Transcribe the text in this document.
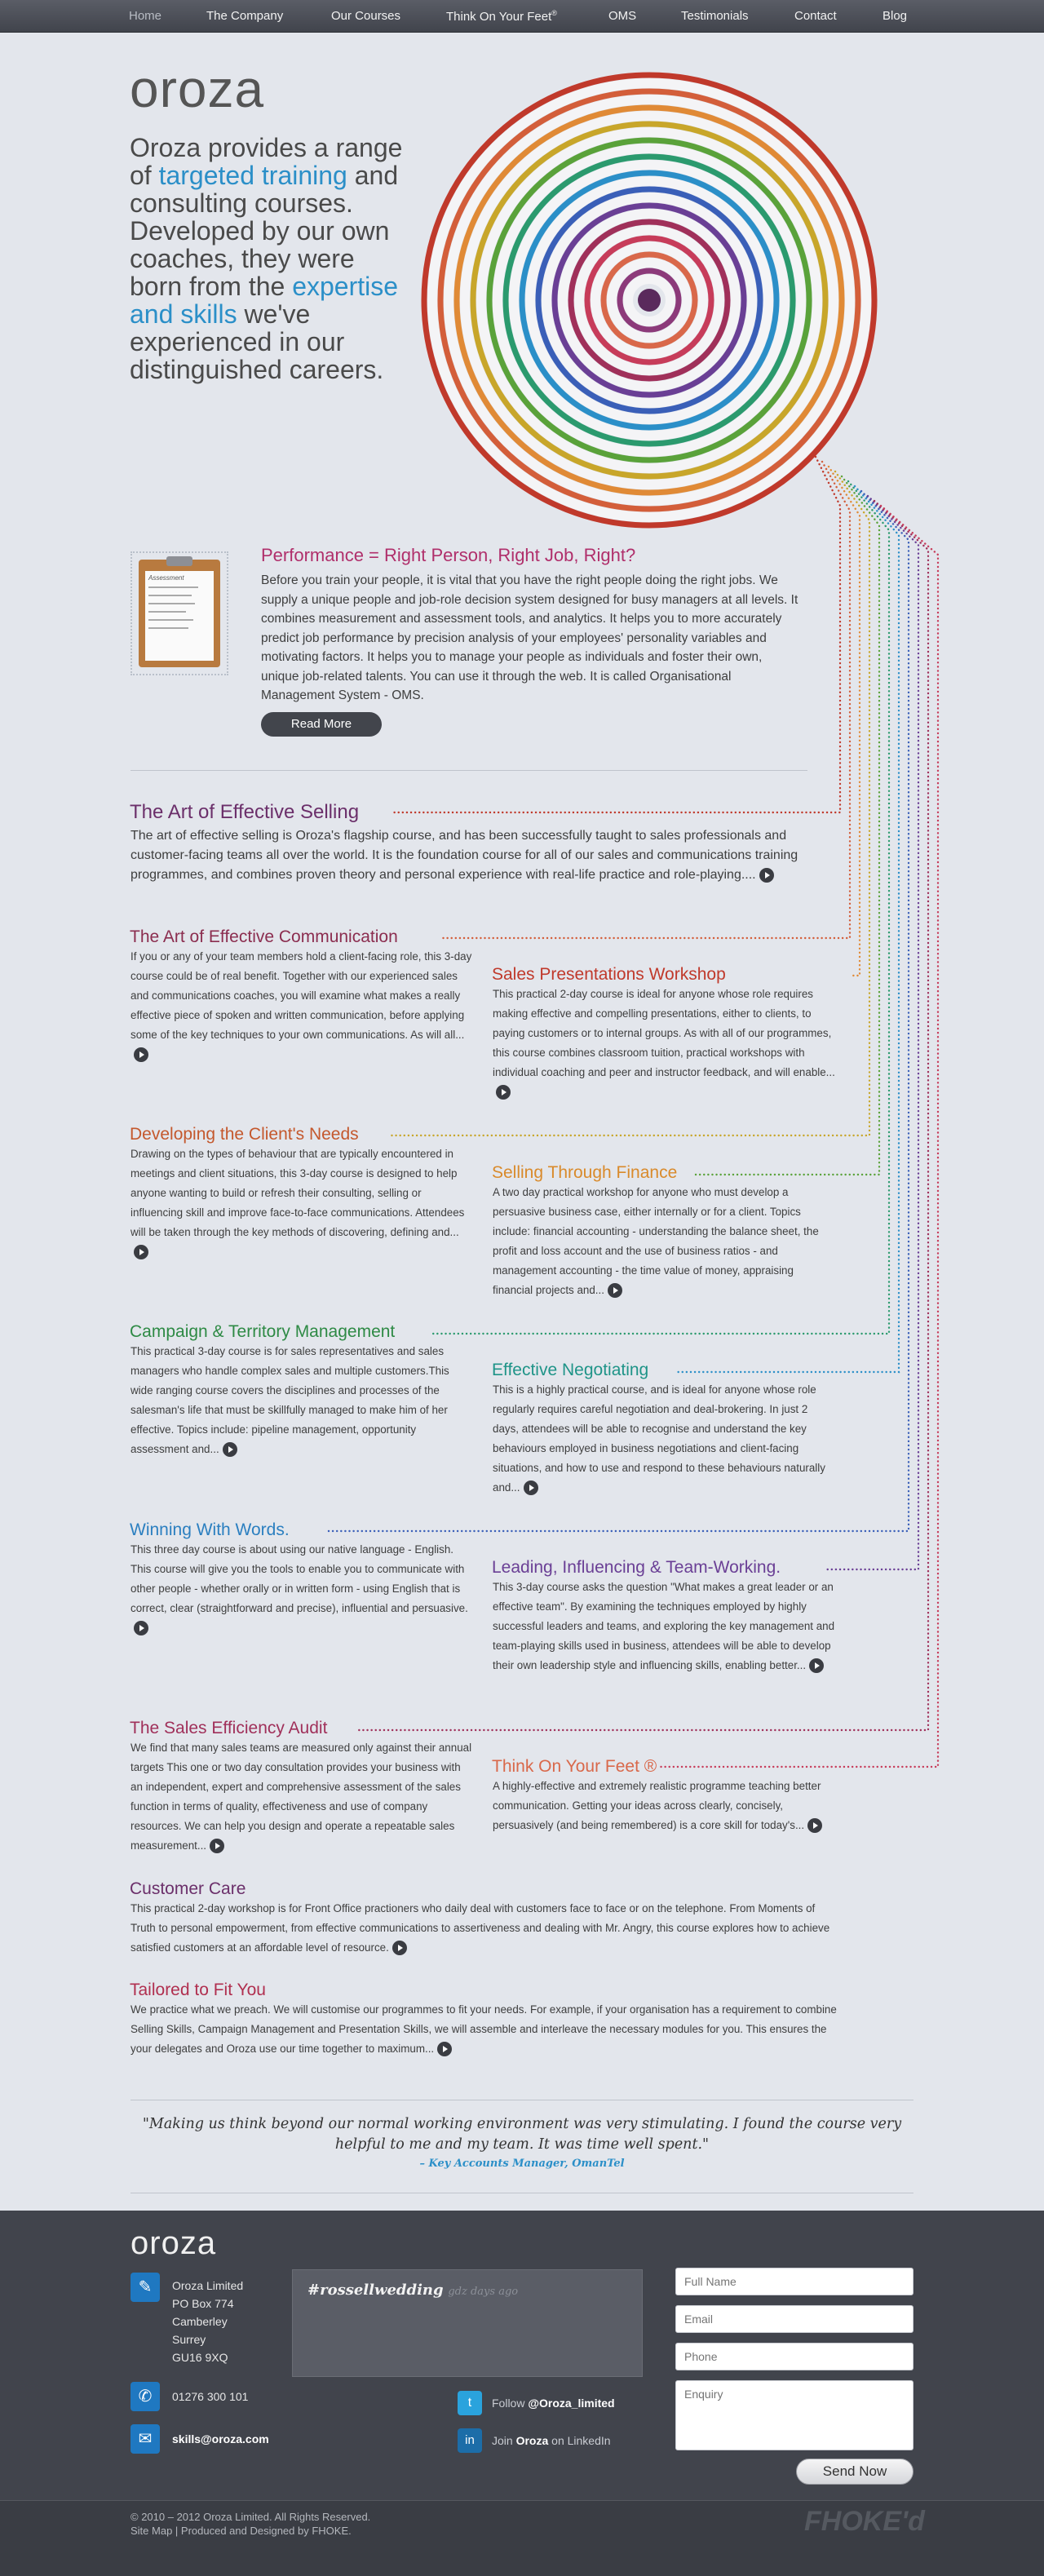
Home	The Company	Our Courses	Think On Your Feet®	OMS	Testimonials	Contact	Blog
oroza
Oroza provides a range of targeted training and consulting courses. Developed by our own coaches, they were born from the expertise and skills we've experienced in our distinguished careers.
Assessment
Performance = Right Person, Right Job, Right?
Before you train your people, it is vital that you have the right people doing the right jobs. We supply a unique people and job-role decision system designed for busy managers at all levels. It combines measurement and assessment tools, and analytics. It helps you to more accurately predict job performance by precision analysis of your employees' personality variables and motivating factors. It helps you to manage your people as individuals and foster their own, unique job-related talents. You can use it through the web. It is called Organisational Management System - OMS.
Read More
The Art of Effective Selling
The art of effective selling is Oroza's flagship course, and has been successfully taught to sales professionals and customer-facing teams all over the world. It is the foundation course for all of our sales and communications training programmes, and combines proven theory and personal experience with real-life practice and role-playing....
The Art of Effective Communication
If you or any of your team members hold a client-facing role, this 3-day course could be of real benefit. Together with our experienced sales and communications coaches, you will examine what makes a really effective piece of spoken and written communication, before applying some of the key techniques to your own communications. As will all...
Sales Presentations Workshop
This practical 2-day course is ideal for anyone whose role requires making effective and compelling presentations, either to clients, to paying customers or to internal groups. As with all of our programmes, this course combines classroom tuition, practical workshops with individual coaching and peer and instructor feedback, and will enable...
Developing the Client's Needs
Drawing on the types of behaviour that are typically encountered in meetings and client situations, this 3-day course is designed to help anyone wanting to build or refresh their consulting, selling or influencing skill and improve face-to-face communications. Attendees will be taken through the key methods of discovering, defining and...
Selling Through Finance
A two day practical workshop for anyone who must develop a persuasive business case, either internally or for a client. Topics include: financial accounting - understanding the balance sheet, the profit and loss account and the use of business ratios - and management accounting - the time value of money, appraising financial projects and...
Campaign & Territory Management
This practical 3-day course is for sales representatives and sales managers who handle complex sales and multiple customers.This wide ranging course covers the disciplines and processes of the salesman's life that must be skillfully managed to make him of her effective. Topics include: pipeline management, opportunity assessment and...
Effective Negotiating
This is a highly practical course, and is ideal for anyone whose role regularly requires careful negotiation and deal-brokering. In just 2 days, attendees will be able to recognise and understand the key behaviours employed in business negotiations and client-facing situations, and how to use and respond to these behaviours naturally and...
Winning With Words.
This three day course is about using our native language - English. This course will give you the tools to enable you to communicate with other people - whether orally or in written form - using English that is correct, clear (straightforward and precise), influential and persuasive.
Leading, Influencing & Team-Working.
This 3-day course asks the question "What makes a great leader or an effective team". By examining the techniques employed by highly successful leaders and teams, and exploring the key management and team-playing skills used in business, attendees will be able to develop their own leadership style and influencing skills, enabling better...
The Sales Efficiency Audit
We find that many sales teams are measured only against their annual targets This one or two day consultation provides your business with an independent, expert and comprehensive assessment of the sales function in terms of quality, effectiveness and use of company resources. We can help you design and operate a repeatable sales measurement...
Think On Your Feet ®
A highly-effective and extremely realistic programme teaching better communication. Getting your ideas across clearly, concisely, persuasively (and being remembered) is a core skill for today's...
Customer Care
This practical 2-day workshop is for Front Office practioners who daily deal with customers face to face or on the telephone. From Moments of Truth to personal empowerment, from effective communications to assertiveness and dealing with Mr. Angry, this course explores how to achieve satisfied customers at an affordable level of resource.
Tailored to Fit You
We practice what we preach. We will customise our programmes to fit your needs. For example, if your organisation has a requirement to combine Selling Skills, Campaign Management and Presentation Skills, we will assemble and interleave the necessary modules for you. This ensures the your delegates and Oroza use our time together to maximum...
"Making us think beyond our normal working environment was very stimulating. I found the course very helpful to me and my team. It was time well spent."
– Key Accounts Manager, OmanTel
oroza
✎	Oroza Limited
PO Box 774
Camberley
Surrey
GU16 9XQ
✆	01276 300 101
✉	skills@oroza.com
#rossellwedding gdz days ago
t	Follow @Oroza_limited
in	Join Oroza on LinkedIn
Full Name
Email
Phone
Enquiry
Send Now
© 2010 – 2012 Oroza Limited. All Rights Reserved.
Site Map | Produced and Designed by FHOKE.	FHOKE'd
